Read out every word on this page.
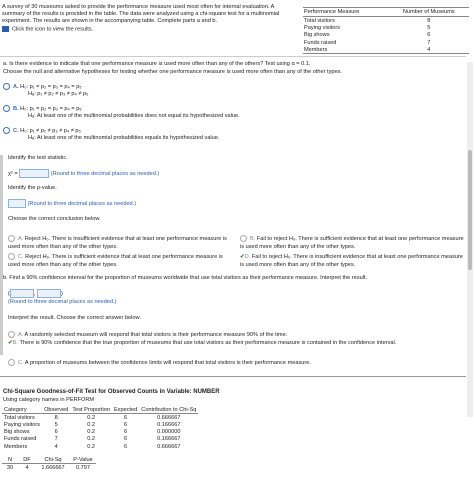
A survey of 30 museums asked to provide the performance measure used most often for internal evaluation. A summary of the results is provided in the table. The data were analyzed using a chi-square test for a multinomial experiment. The results are shown in the accompanying table. Complete parts a and b.
Click the icon to view the results.
Performance Measure	Number of Museums
Total visitors	8
Paying visitors	5
Big shows	6
Funds raised	7
Members	4
a. Is there evidence to indicate that one performance measure is used more often than any of the others? Test using α = 0.1.
Choose the null and alternative hypotheses for testing whether one performance measure is used more often than any of the other types.
A. H₀: p₁ = p₂ = p₃ = p₄ = p₅
Hₐ: p₁ ≠ p₂ ≠ p₃ ≠ p₄ ≠ p₅
B. H₀: p₁ = p₂ = p₃ = p₄ = p₅
Hₐ: At least one of the multinomial probabilities does not equal its hypothesized value.
C. H₀: p₁ ≠ p₂ ≠ p₃ ≠ p₄ ≠ p₅
Hₐ: At least one of the multinomial probabilities equals its hypothesized value.
Identify the test statistic.
χ² =	(Round to three decimal places as needed.)
Identify the p-value.
(Round to three decimal places as needed.)
Choose the correct conclusion below.
A. Reject H₀. There is insufficient evidence that at least one performance measure is used more often than any of the other types.
B. Fail to reject H₀. There is sufficient evidence that at least one performance measure is used more often than any of the other types.
C. Reject H₀. There is sufficient evidence that at least one performance measure is used more often than any of the other types.
✔D. Fail to reject H₀. There is insufficient evidence that at least one performance measure is used more often than any of the other types.
b. Find a 90% confidence interval for the proportion of museums worldwide that use total visitors as their performance measure. Interpret the result.
,	)
(Round to three decimal places as needed.)
Interpret the result. Choose the correct answer below.
A. A randomly selected museum will respond that total visitors is their performance measure 90% of the time.
✔B. There is 90% confidence that the true proportion of museums that use total visitors as their performance measure is contained in the confidence interval.
C. A proportion of museums between the confidence limits will respond that total visitors is their performance measure.
Chi-Square Goodness-of-Fit Test for Observed Counts in Variable: NUMBER
Using category names in PERFORM
Category	Observed	Test Proportion	Expected	Contribution to Chi-Sq
Total visitors	8	0.2	6	0.666667
Paying visitors	5	0.2	6	0.166667
Big shows	6	0.2	6	0.000000
Funds raised	7	0.2	6	0.166667
Members	4	0.2	6	0.666667
N	DF	Chi-Sq	P-Value
30	4	1.666667	0.797
